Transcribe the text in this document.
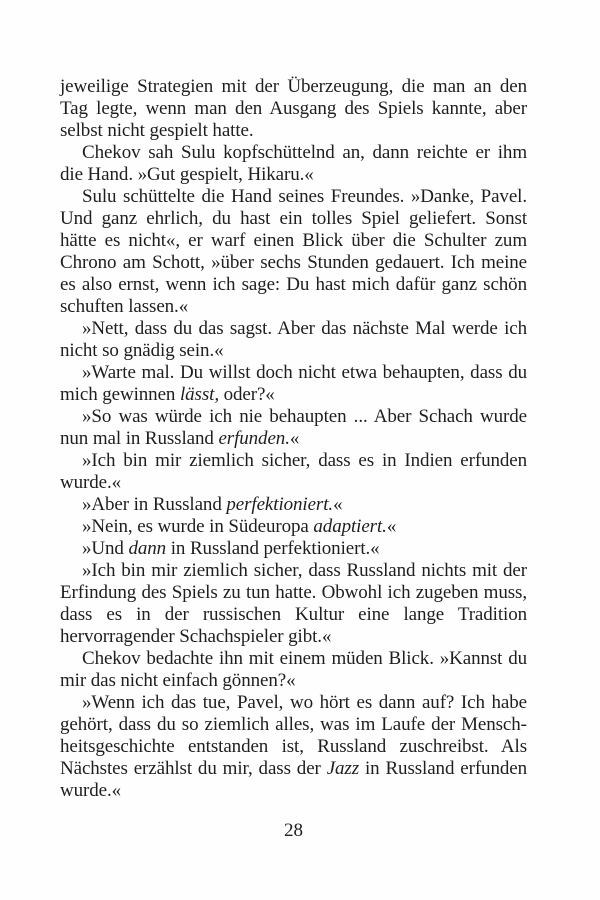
jeweilige Strategien mit der Überzeugung, die man an den Tag legte, wenn man den Ausgang des Spiels kannte, aber selbst nicht gespielt hatte.

Chekov sah Sulu kopfschüttelnd an, dann reichte er ihm die Hand. »Gut gespielt, Hikaru.«

Sulu schüttelte die Hand seines Freundes. »Danke, Pavel. Und ganz ehrlich, du hast ein tolles Spiel geliefert. Sonst hätte es nicht«, er warf einen Blick über die Schulter zum Chrono am Schott, »über sechs Stunden gedauert. Ich meine es also ernst, wenn ich sage: Du hast mich dafür ganz schön schuften lassen.«

»Nett, dass du das sagst. Aber das nächste Mal werde ich nicht so gnädig sein.«

»Warte mal. Du willst doch nicht etwa behaupten, dass du mich gewinnen lässt, oder?«

»So was würde ich nie behaupten ... Aber Schach wurde nun mal in Russland erfunden.«

»Ich bin mir ziemlich sicher, dass es in Indien erfunden wurde.«

»Aber in Russland perfektioniert.«

»Nein, es wurde in Südeuropa adaptiert.«

»Und dann in Russland perfektioniert.«

»Ich bin mir ziemlich sicher, dass Russland nichts mit der Erfindung des Spiels zu tun hatte. Obwohl ich zugeben muss, dass es in der russischen Kultur eine lange Tradition hervorragender Schachspieler gibt.«

Chekov bedachte ihn mit einem müden Blick. »Kannst du mir das nicht einfach gönnen?«

»Wenn ich das tue, Pavel, wo hört es dann auf? Ich habe gehört, dass du so ziemlich alles, was im Laufe der Menschheitsgeschichte entstanden ist, Russland zuschreibst. Als Nächstes erzählst du mir, dass der Jazz in Russland erfunden wurde.«

28
